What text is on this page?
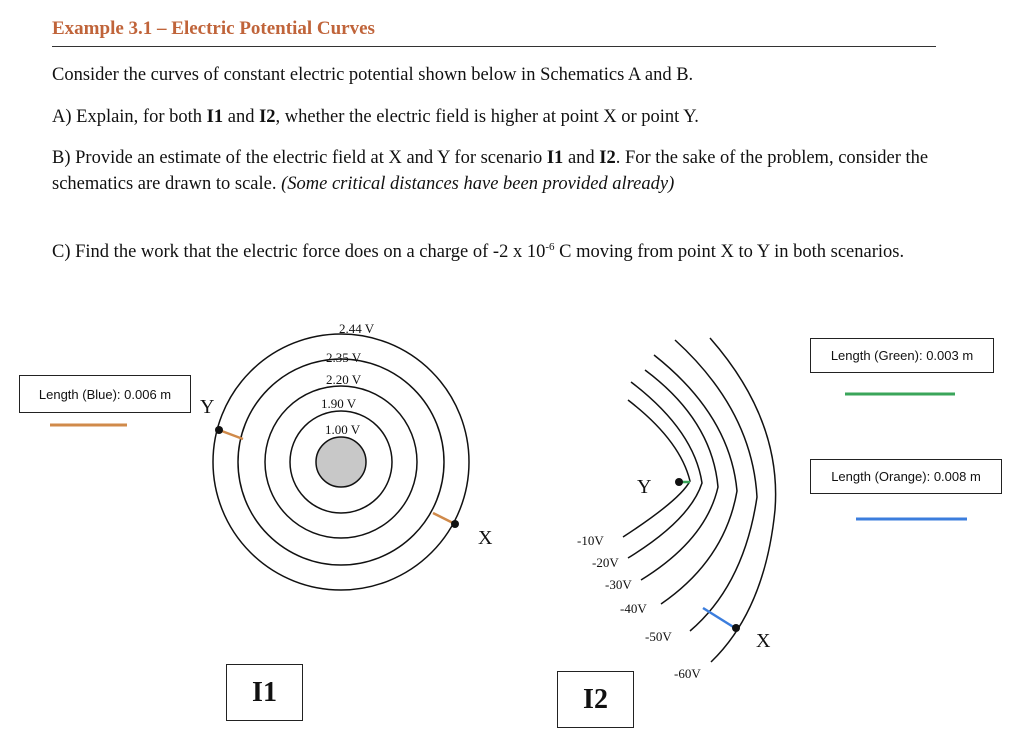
Example 3.1 – Electric Potential Curves
Consider the curves of constant electric potential shown below in Schematics A and B.
A) Explain, for both I1 and I2, whether the electric field is higher at point X or point Y.
B) Provide an estimate of the electric field at X and Y for scenario I1 and I2. For the sake of the problem, consider the schematics are drawn to scale. (Some critical distances have been provided already)
C) Find the work that the electric force does on a charge of -2 x $10^{-6}$ C moving from point X to Y in both scenarios.
Length (Blue): 0.006 m
Length (Green): 0.003 m
Length (Orange): 0.008 m
I1	I2
2.44 V
2.35 V
2.20 V
1.90 V
1.00 V
Y
X	-10V
-20V
-30V
-40V
-50V
-60V
Y
X
